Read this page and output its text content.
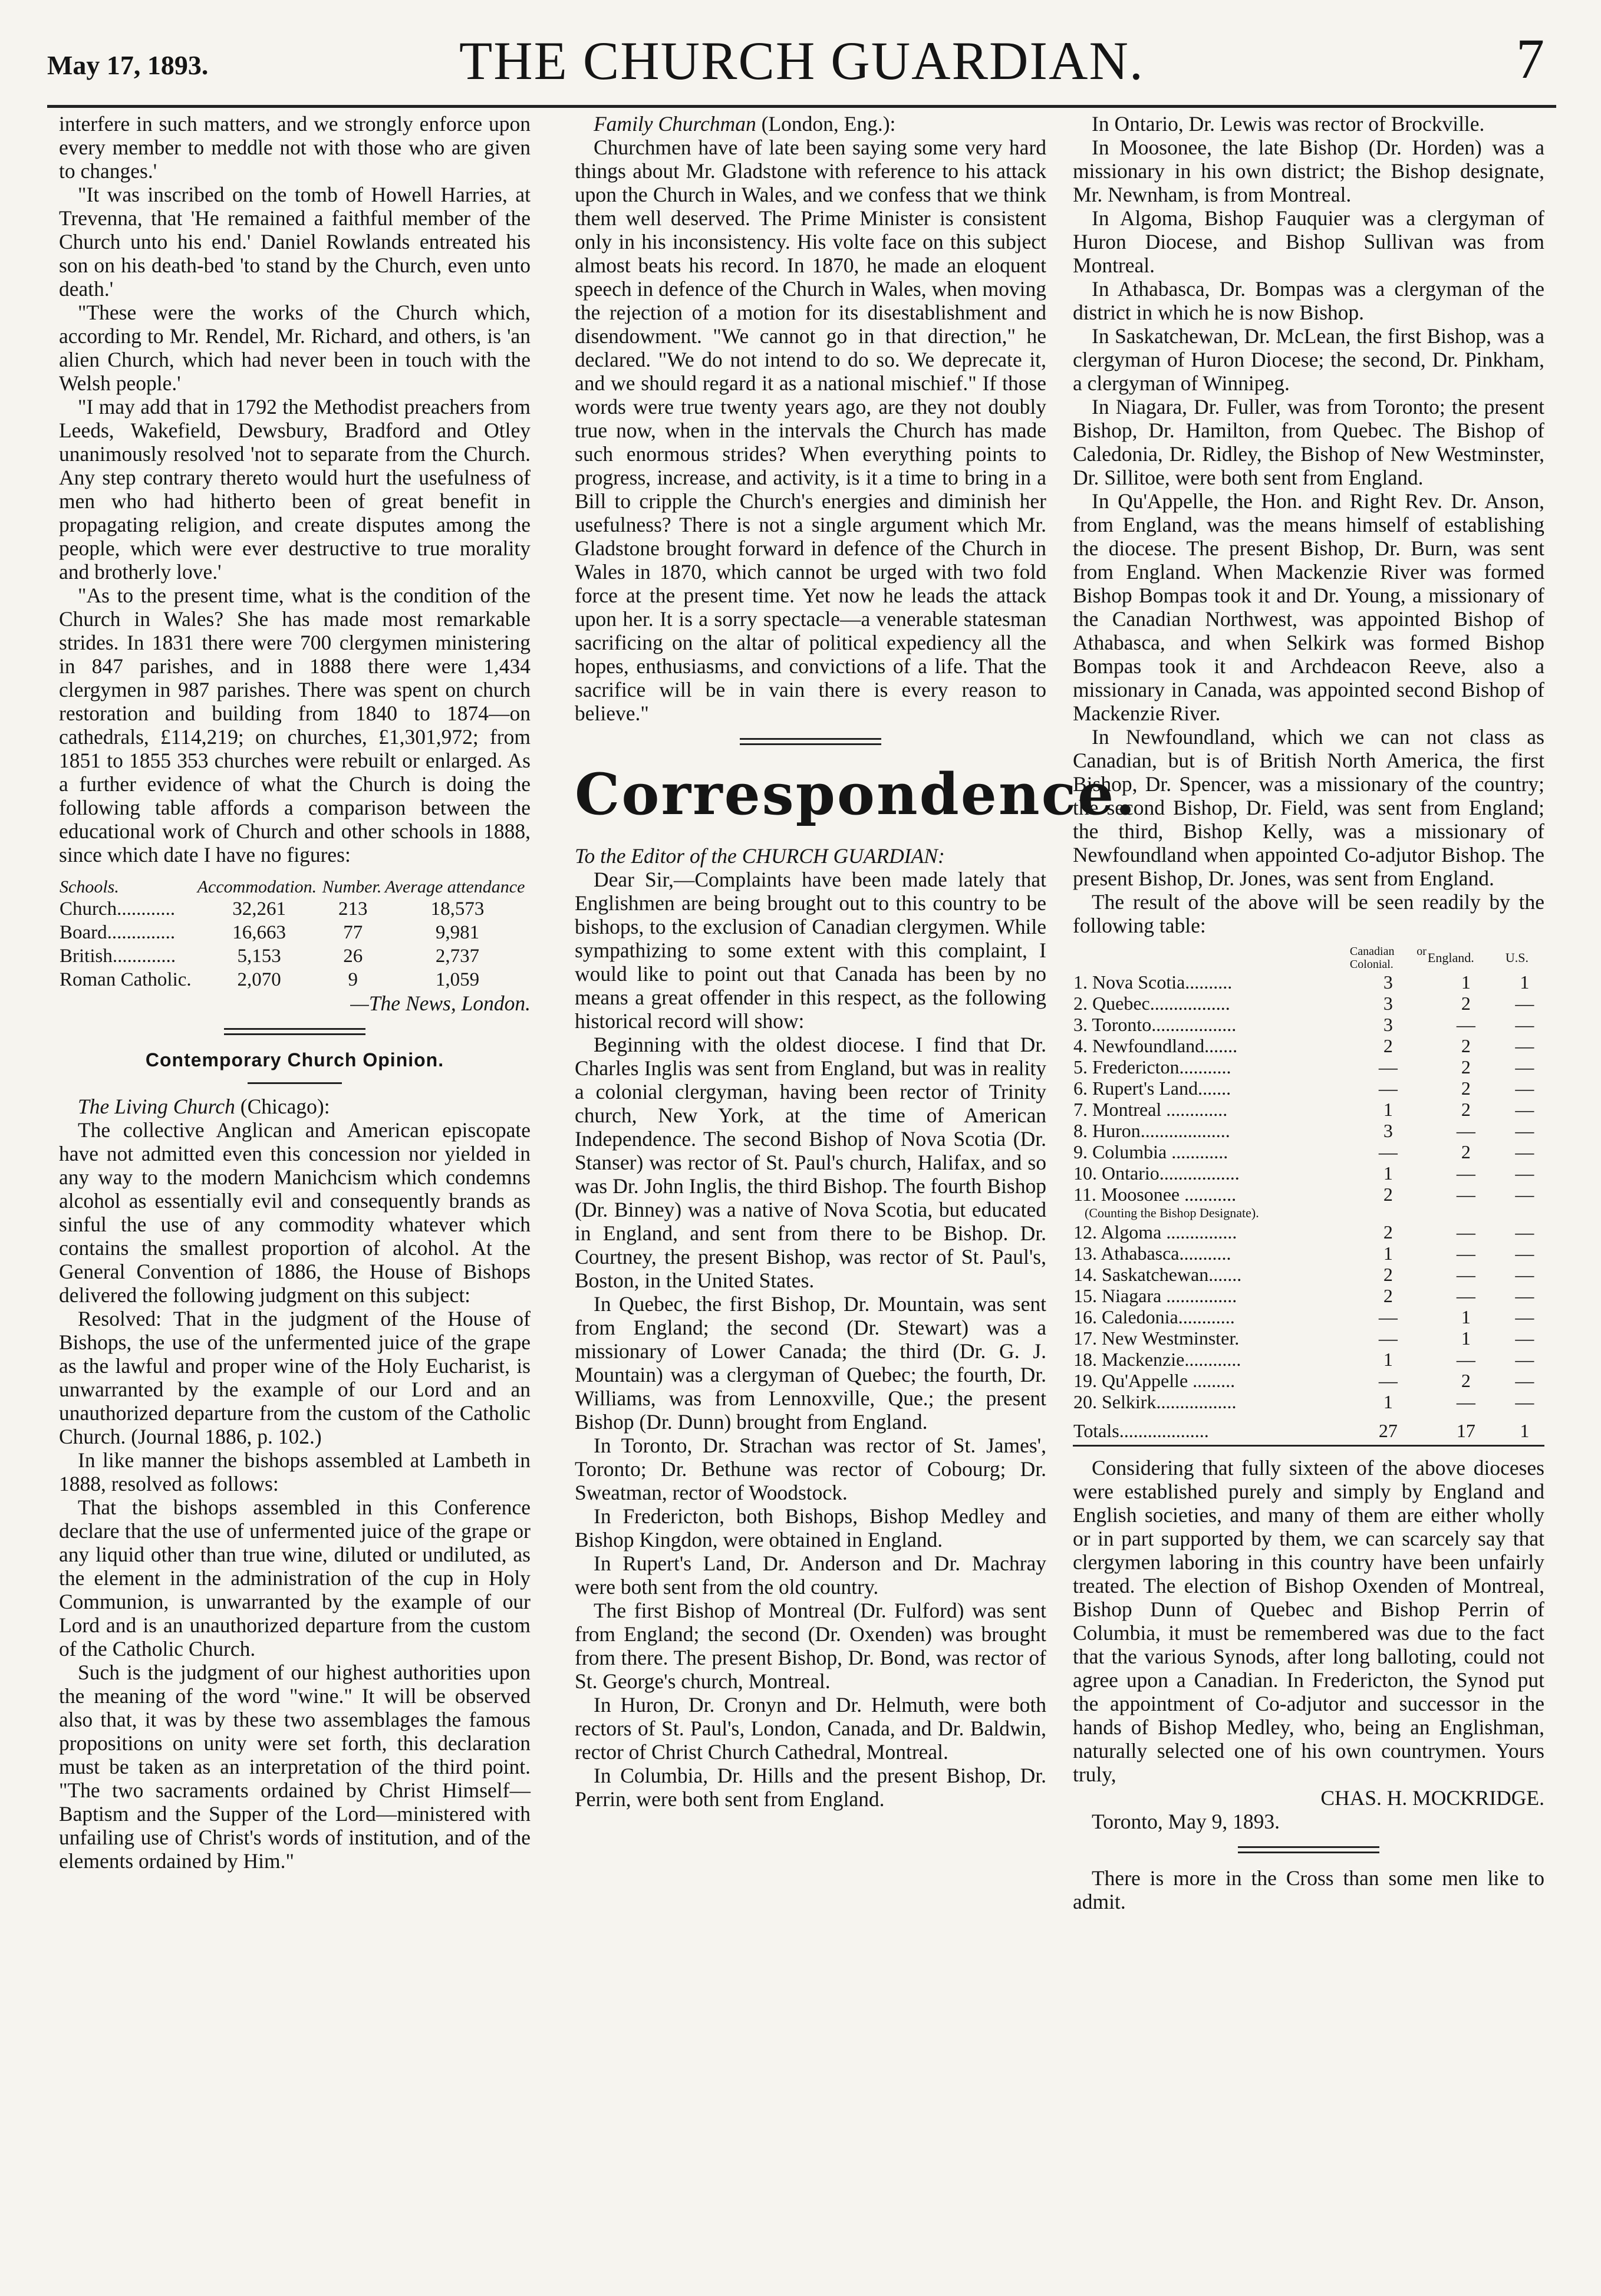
May 17, 1893.	THE CHURCH GUARDIAN.	7

interfere in such matters, and we strongly enforce upon every member to meddle not with those who are given to changes.'

"It was inscribed on the tomb of Howell Harries, at Trevenna, that 'He remained a faithful member of the Church unto his end.' Daniel Rowlands entreated his son on his death-bed 'to stand by the Church, even unto death.'

"These were the works of the Church which, according to Mr. Rendel, Mr. Richard, and others, is 'an alien Church, which had never been in touch with the Welsh people.'

"I may add that in 1792 the Methodist preachers from Leeds, Wakefield, Dewsbury, Bradford and Otley unanimously resolved 'not to separate from the Church. Any step contrary thereto would hurt the usefulness of men who had hitherto been of great benefit in propagating religion, and create disputes among the people, which were ever destructive to true morality and brotherly love.'

"As to the present time, what is the condition of the Church in Wales? She has made most remarkable strides. In 1831 there were 700 clergymen ministering in 847 parishes, and in 1888 there were 1,434 clergymen in 987 parishes. There was spent on church restoration and building from 1840 to 1874—on cathedrals, £114,219; on churches, £1,301,972; from 1851 to 1855 353 churches were rebuilt or enlarged. As a further evidence of what the Church is doing the following table affords a comparison between the educational work of Church and other schools in 1888, since which date I have no figures:

Schools.	Accommodation.	Number.	Average attendance
Church............	32,261	213	18,573
Board..............	16,663	77	9,981
British.............	5,153	26	2,737
Roman Catholic.	2,070	9	1,059

—The News, London.

Contemporary Church Opinion.

The Living Church (Chicago):

The collective Anglican and American episcopate have not admitted even this concession nor yielded in any way to the modern Manichcism which condemns alcohol as essentially evil and consequently brands as sinful the use of any commodity whatever which contains the smallest proportion of alcohol. At the General Convention of 1886, the House of Bishops delivered the following judgment on this subject:

Resolved: That in the judgment of the House of Bishops, the use of the unfermented juice of the grape as the lawful and proper wine of the Holy Eucharist, is unwarranted by the example of our Lord and an unauthorized departure from the custom of the Catholic Church. (Journal 1886, p. 102.)

In like manner the bishops assembled at Lambeth in 1888, resolved as follows:

That the bishops assembled in this Conference declare that the use of unfermented juice of the grape or any liquid other than true wine, diluted or undiluted, as the element in the administration of the cup in Holy Communion, is unwarranted by the example of our Lord and is an unauthorized departure from the custom of the Catholic Church.

Such is the judgment of our highest authorities upon the meaning of the word "wine." It will be observed also that, it was by these two assemblages the famous propositions on unity were set forth, this declaration must be taken as an interpretation of the third point. "The two sacraments ordained by Christ Himself—Baptism and the Supper of the Lord—ministered with unfailing use of Christ's words of institution, and of the elements ordained by Him."

Family Churchman (London, Eng.):

Churchmen have of late been saying some very hard things about Mr. Gladstone with reference to his attack upon the Church in Wales, and we confess that we think them well deserved. The Prime Minister is consistent only in his inconsistency. His volte face on this subject almost beats his record. In 1870, he made an eloquent speech in defence of the Church in Wales, when moving the rejection of a motion for its disestablishment and disendowment. "We cannot go in that direction," he declared. "We do not intend to do so. We deprecate it, and we should regard it as a national mischief." If those words were true twenty years ago, are they not doubly true now, when in the intervals the Church has made such enormous strides? When everything points to progress, increase, and activity, is it a time to bring in a Bill to cripple the Church's energies and diminish her usefulness? There is not a single argument which Mr. Gladstone brought forward in defence of the Church in Wales in 1870, which cannot be urged with two fold force at the present time. Yet now he leads the attack upon her. It is a sorry spectacle—a venerable statesman sacrificing on the altar of political expediency all the hopes, enthusiasms, and convictions of a life. That the sacrifice will be in vain there is every reason to believe."

Correspondence.

To the Editor of the CHURCH GUARDIAN:

Dear Sir,—Complaints have been made lately that Englishmen are being brought out to this country to be bishops, to the exclusion of Canadian clergymen. While sympathizing to some extent with this complaint, I would like to point out that Canada has been by no means a great offender in this respect, as the following historical record will show:

Beginning with the oldest diocese. I find that Dr. Charles Inglis was sent from England, but was in reality a colonial clergyman, having been rector of Trinity church, New York, at the time of American Independence. The second Bishop of Nova Scotia (Dr. Stanser) was rector of St. Paul's church, Halifax, and so was Dr. John Inglis, the third Bishop. The fourth Bishop (Dr. Binney) was a native of Nova Scotia, but educated in England, and sent from there to be Bishop. Dr. Courtney, the present Bishop, was rector of St. Paul's, Boston, in the United States.

In Quebec, the first Bishop, Dr. Mountain, was sent from England; the second (Dr. Stewart) was a missionary of Lower Canada; the third (Dr. G. J. Mountain) was a clergyman of Quebec; the fourth, Dr. Williams, was from Lennoxville, Que.; the present Bishop (Dr. Dunn) brought from England.

In Toronto, Dr. Strachan was rector of St. James', Toronto; Dr. Bethune was rector of Cobourg; Dr. Sweatman, rector of Woodstock.

In Fredericton, both Bishops, Bishop Medley and Bishop Kingdon, were obtained in England.

In Rupert's Land, Dr. Anderson and Dr. Machray were both sent from the old country.

The first Bishop of Montreal (Dr. Fulford) was sent from England; the second (Dr. Oxenden) was brought from there. The present Bishop, Dr. Bond, was rector of St. George's church, Montreal.

In Huron, Dr. Cronyn and Dr. Helmuth, were both rectors of St. Paul's, London, Canada, and Dr. Baldwin, rector of Christ Church Cathedral, Montreal.

In Columbia, Dr. Hills and the present Bishop, Dr. Perrin, were both sent from England.

In Ontario, Dr. Lewis was rector of Brockville.

In Moosonee, the late Bishop (Dr. Horden) was a missionary in his own district; the Bishop designate, Mr. Newnham, is from Montreal.

In Algoma, Bishop Fauquier was a clergyman of Huron Diocese, and Bishop Sullivan was from Montreal.

In Athabasca, Dr. Bompas was a clergyman of the district in which he is now Bishop.

In Saskatchewan, Dr. McLean, the first Bishop, was a clergyman of Huron Diocese; the second, Dr. Pinkham, a clergyman of Winnipeg.

In Niagara, Dr. Fuller, was from Toronto; the present Bishop, Dr. Hamilton, from Quebec. The Bishop of Caledonia, Dr. Ridley, the Bishop of New Westminster, Dr. Sillitoe, were both sent from England.

In Qu'Appelle, the Hon. and Right Rev. Dr. Anson, from England, was the means himself of establishing the diocese. The present Bishop, Dr. Burn, was sent from England. When Mackenzie River was formed Bishop Bompas took it and Dr. Young, a missionary of the Canadian Northwest, was appointed Bishop of Athabasca, and when Selkirk was formed Bishop Bompas took it and Archdeacon Reeve, also a missionary in Canada, was appointed second Bishop of Mackenzie River.

In Newfoundland, which we can not class as Canadian, but is of British North America, the first Bishop, Dr. Spencer, was a missionary of the country; the second Bishop, Dr. Field, was sent from England; the third, Bishop Kelly, was a missionary of Newfoundland when appointed Co-adjutor Bishop. The present Bishop, Dr. Jones, was sent from England.

The result of the above will be seen readily by the following table:

	Canadian or Colonial.	England.	U.S.
1. Nova Scotia..........	3	1	1
2. Quebec.................	3	2	—
3. Toronto..................	3	—	—
4. Newfoundland.......	2	2	—
5. Fredericton...........	—	2	—
6. Rupert's Land.......	—	2	—
7. Montreal .............	1	2	—
8. Huron...................	3	—	—
9. Columbia ............	—	2	—
10. Ontario.................	1	—	—
11. Moosonee ...........	2	—	—
(Counting the Bishop Designate).			
12. Algoma ...............	2	—	—
13. Athabasca...........	1	—	—
14. Saskatchewan.......	2	—	—
15. Niagara ...............	2	—	—
16. Caledonia............	—	1	—
17. New Westminster.	—	1	—
18. Mackenzie............	1	—	—
19. Qu'Appelle .........	—	2	—
20. Selkirk.................	1	—	—
Totals...................	27	17	1

Considering that fully sixteen of the above dioceses were established purely and simply by England and English societies, and many of them are either wholly or in part supported by them, we can scarcely say that clergymen laboring in this country have been unfairly treated. The election of Bishop Oxenden of Montreal, Bishop Dunn of Quebec and Bishop Perrin of Columbia, it must be remembered was due to the fact that the various Synods, after long balloting, could not agree upon a Canadian. In Fredericton, the Synod put the appointment of Co-adjutor and successor in the hands of Bishop Medley, who, being an Englishman, naturally selected one of his own countrymen. Yours truly,

CHAS. H. MOCKRIDGE.

Toronto, May 9, 1893.

There is more in the Cross than some men like to admit.
